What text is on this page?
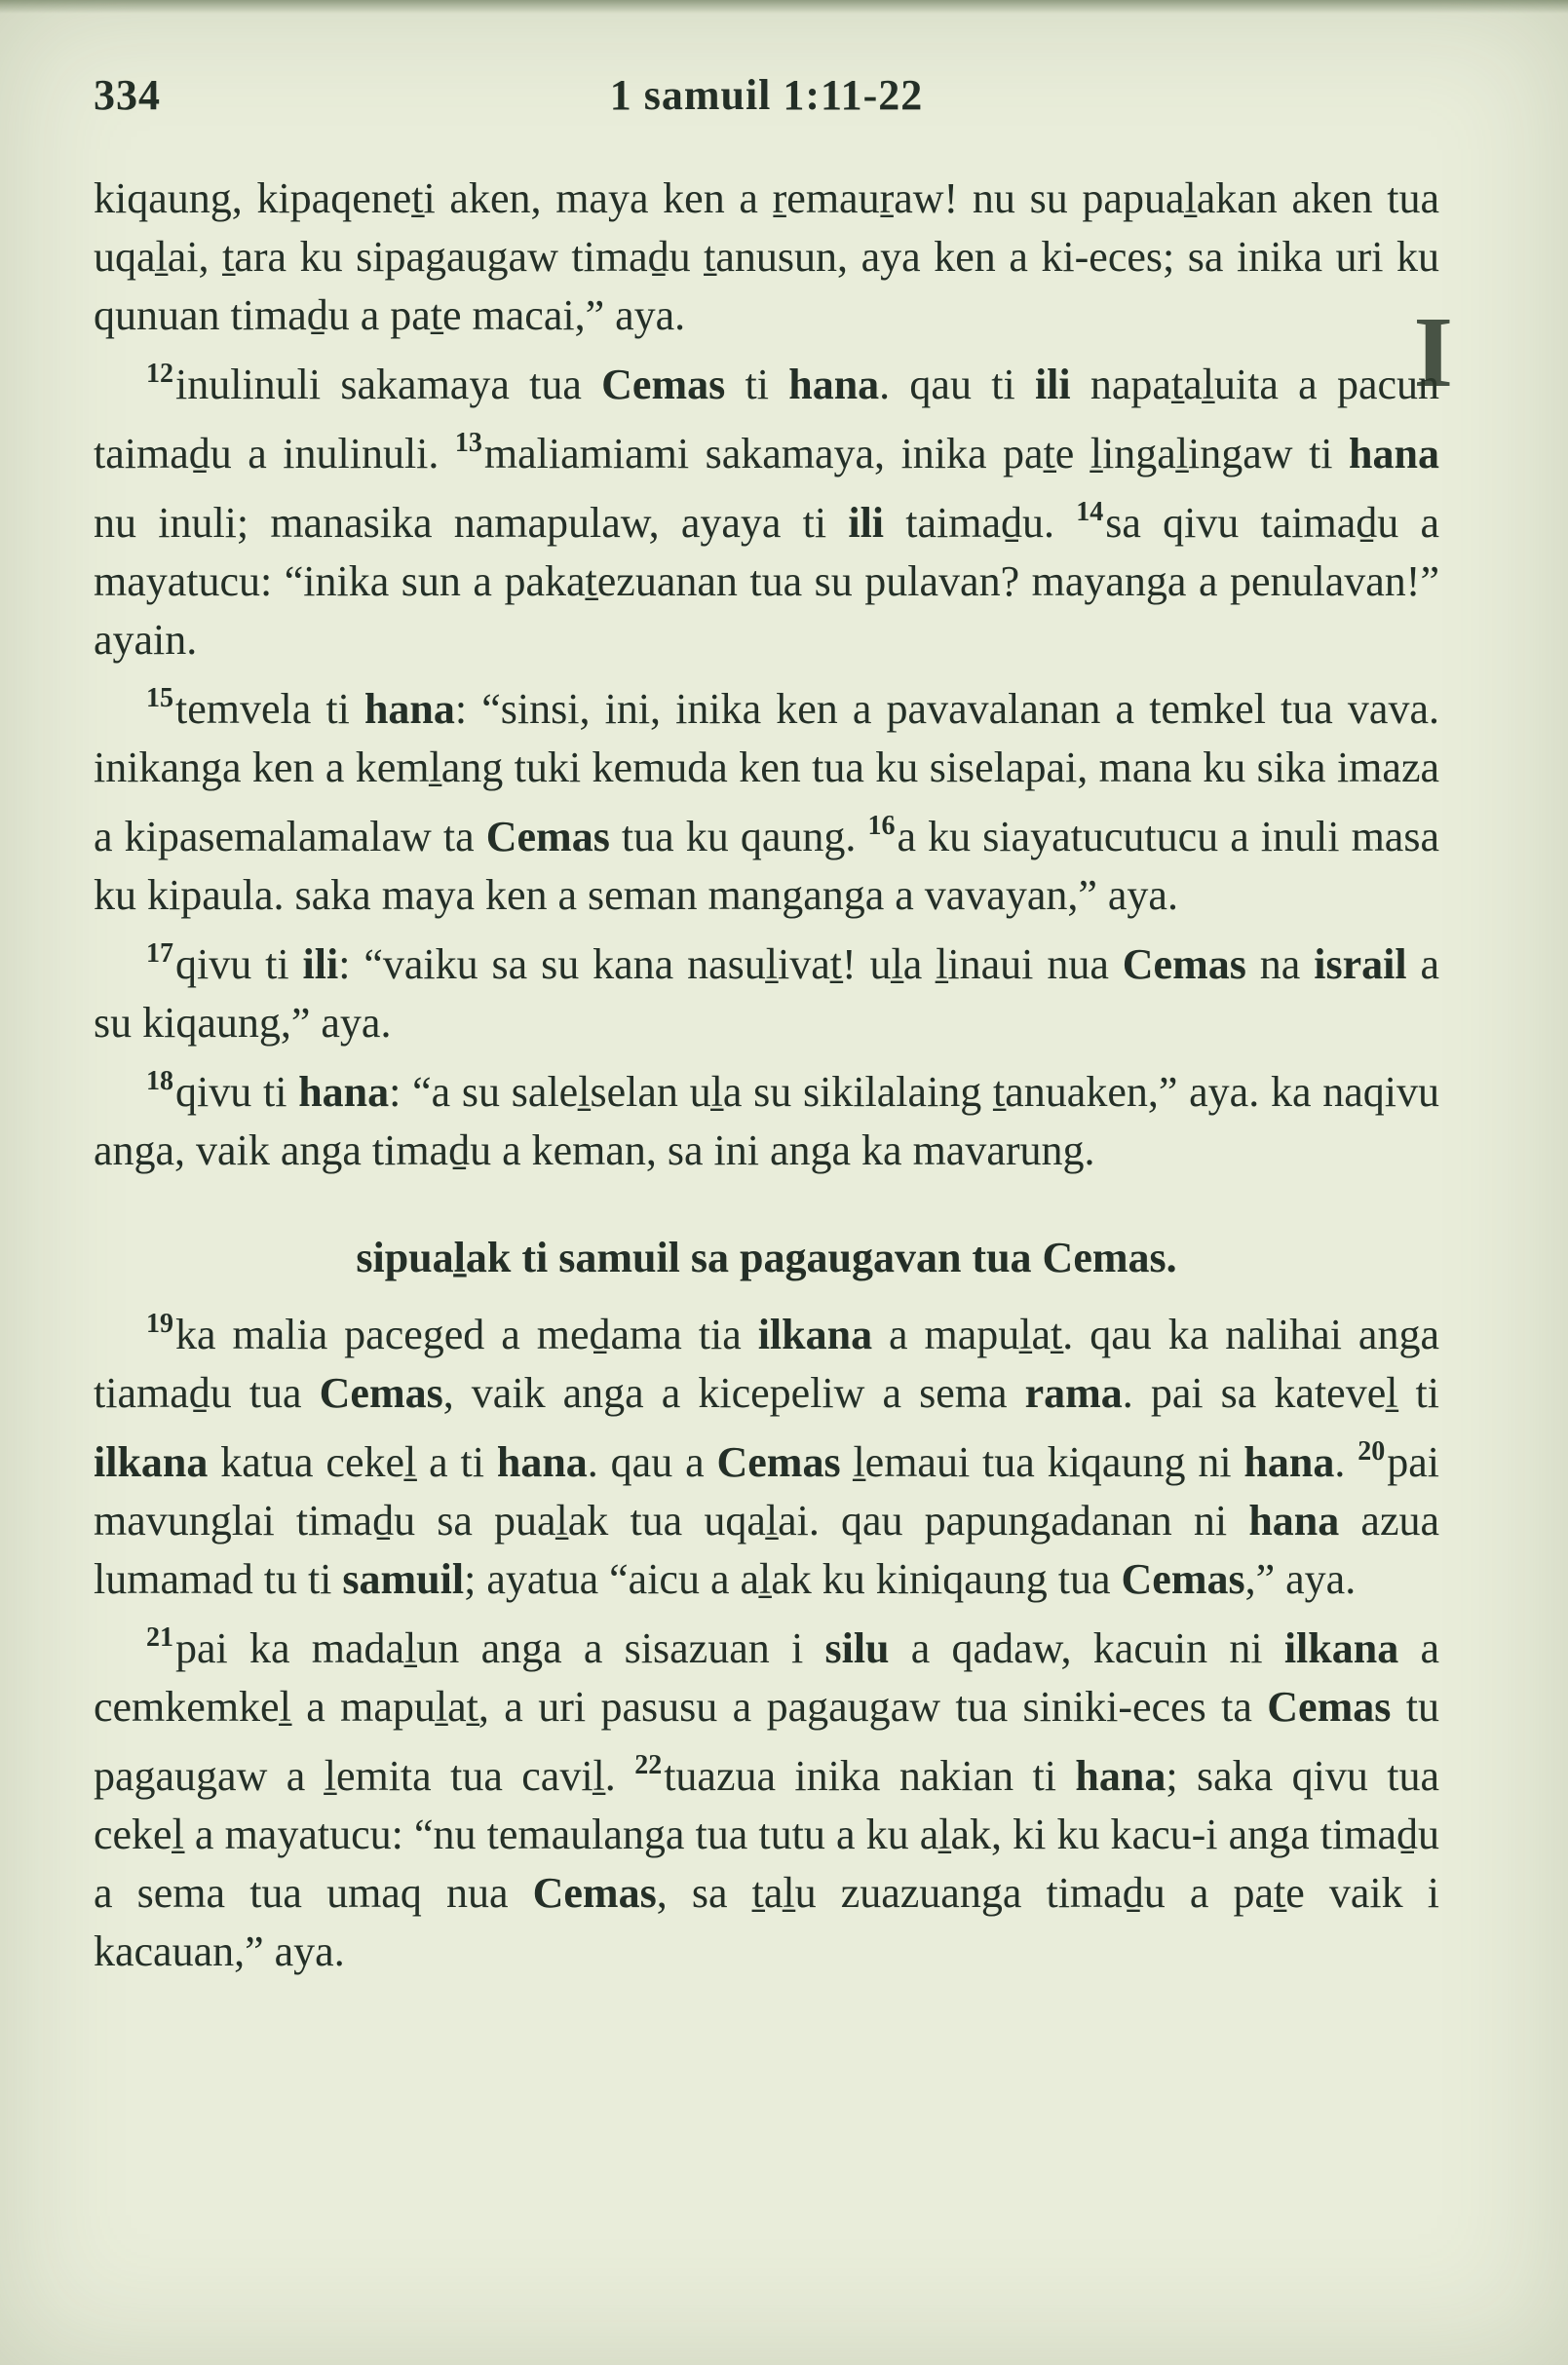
334	1 samuil 1:11-22

kiqaung, kipaqeneṯi aken, maya ken a ṟemauṟaw! nu su papuaḻakan aken tua uqaḻai, ṯara ku sipagaugaw timaḏu ṯanusun, aya ken a ki-eces; sa inika uri ku qunuan timaḏu a paṯe macai,” aya.

$^{12}$inulinuli sakamaya tua Cemas ti hana. qau ti ili napaṯaḻuita a pacun taimaḏu a inulinuli. $^{13}$maliamiami sakamaya, inika paṯe ḻingaḻingaw ti hana nu inuli; manasika namapulaw, ayaya ti ili taimaḏu. $^{14}$sa qivu taimaḏu a mayatucu: “inika sun a pakaṯezuanan tua su pulavan? mayanga a penulavan!” ayain.

$^{15}$temvela ti hana: “sinsi, ini, inika ken a pavavalanan a temkel tua vava. inikanga ken a kemḻang tuki kemuda ken tua ku siselapai, mana ku sika imaza a kipasemalamalaw ta Cemas tua ku qaung. $^{16}$a ku siayatucutucu a inuli masa ku kipaula. saka maya ken a seman manganga a vavayan,” aya.

$^{17}$qivu ti ili: “vaiku sa su kana nasuḻivaṯ! uḻa ḻinaui nua Cemas na israil a su kiqaung,” aya.

$^{18}$qivu ti hana: “a su saleḻselan uḻa su sikilalaing ṯanuaken,” aya. ka naqivu anga, vaik anga timaḏu a keman, sa ini anga ka mavarung.

sipuaḻak ti samuil sa pagaugavan tua Cemas.

$^{19}$ka malia paceged a meḏama tia ilkana a mapuḻaṯ. qau ka nalihai anga tiamaḏu tua Cemas, vaik anga a kicepeliw a sema rama. pai sa kateveḻ ti ilkana katua cekeḻ a ti hana. qau a Cemas ḻemaui tua kiqaung ni hana. $^{20}$pai mavunglai timaḏu sa puaḻak tua uqaḻai. qau papungadanan ni hana azua lumamad tu ti samuil; ayatua “aicu a aḻak ku kiniqaung tua Cemas,” aya.

$^{21}$pai ka madaḻun anga a sisazuan i silu a qadaw, kacuin ni ilkana a cemkemkeḻ a mapuḻaṯ, a uri pasusu a pagaugaw tua siniki-eces ta Cemas tu pagaugaw a ḻemita tua caviḻ. $^{22}$tuazua inika nakian ti hana; saka qivu tua cekeḻ a mayatucu: “nu temaulanga tua tutu a ku aḻak, ki ku kacu-i anga timaḏu a sema tua umaq nua Cemas, sa ṯaḻu zuazuanga timaḏu a paṯe vaik i kacauan,” aya.

I
